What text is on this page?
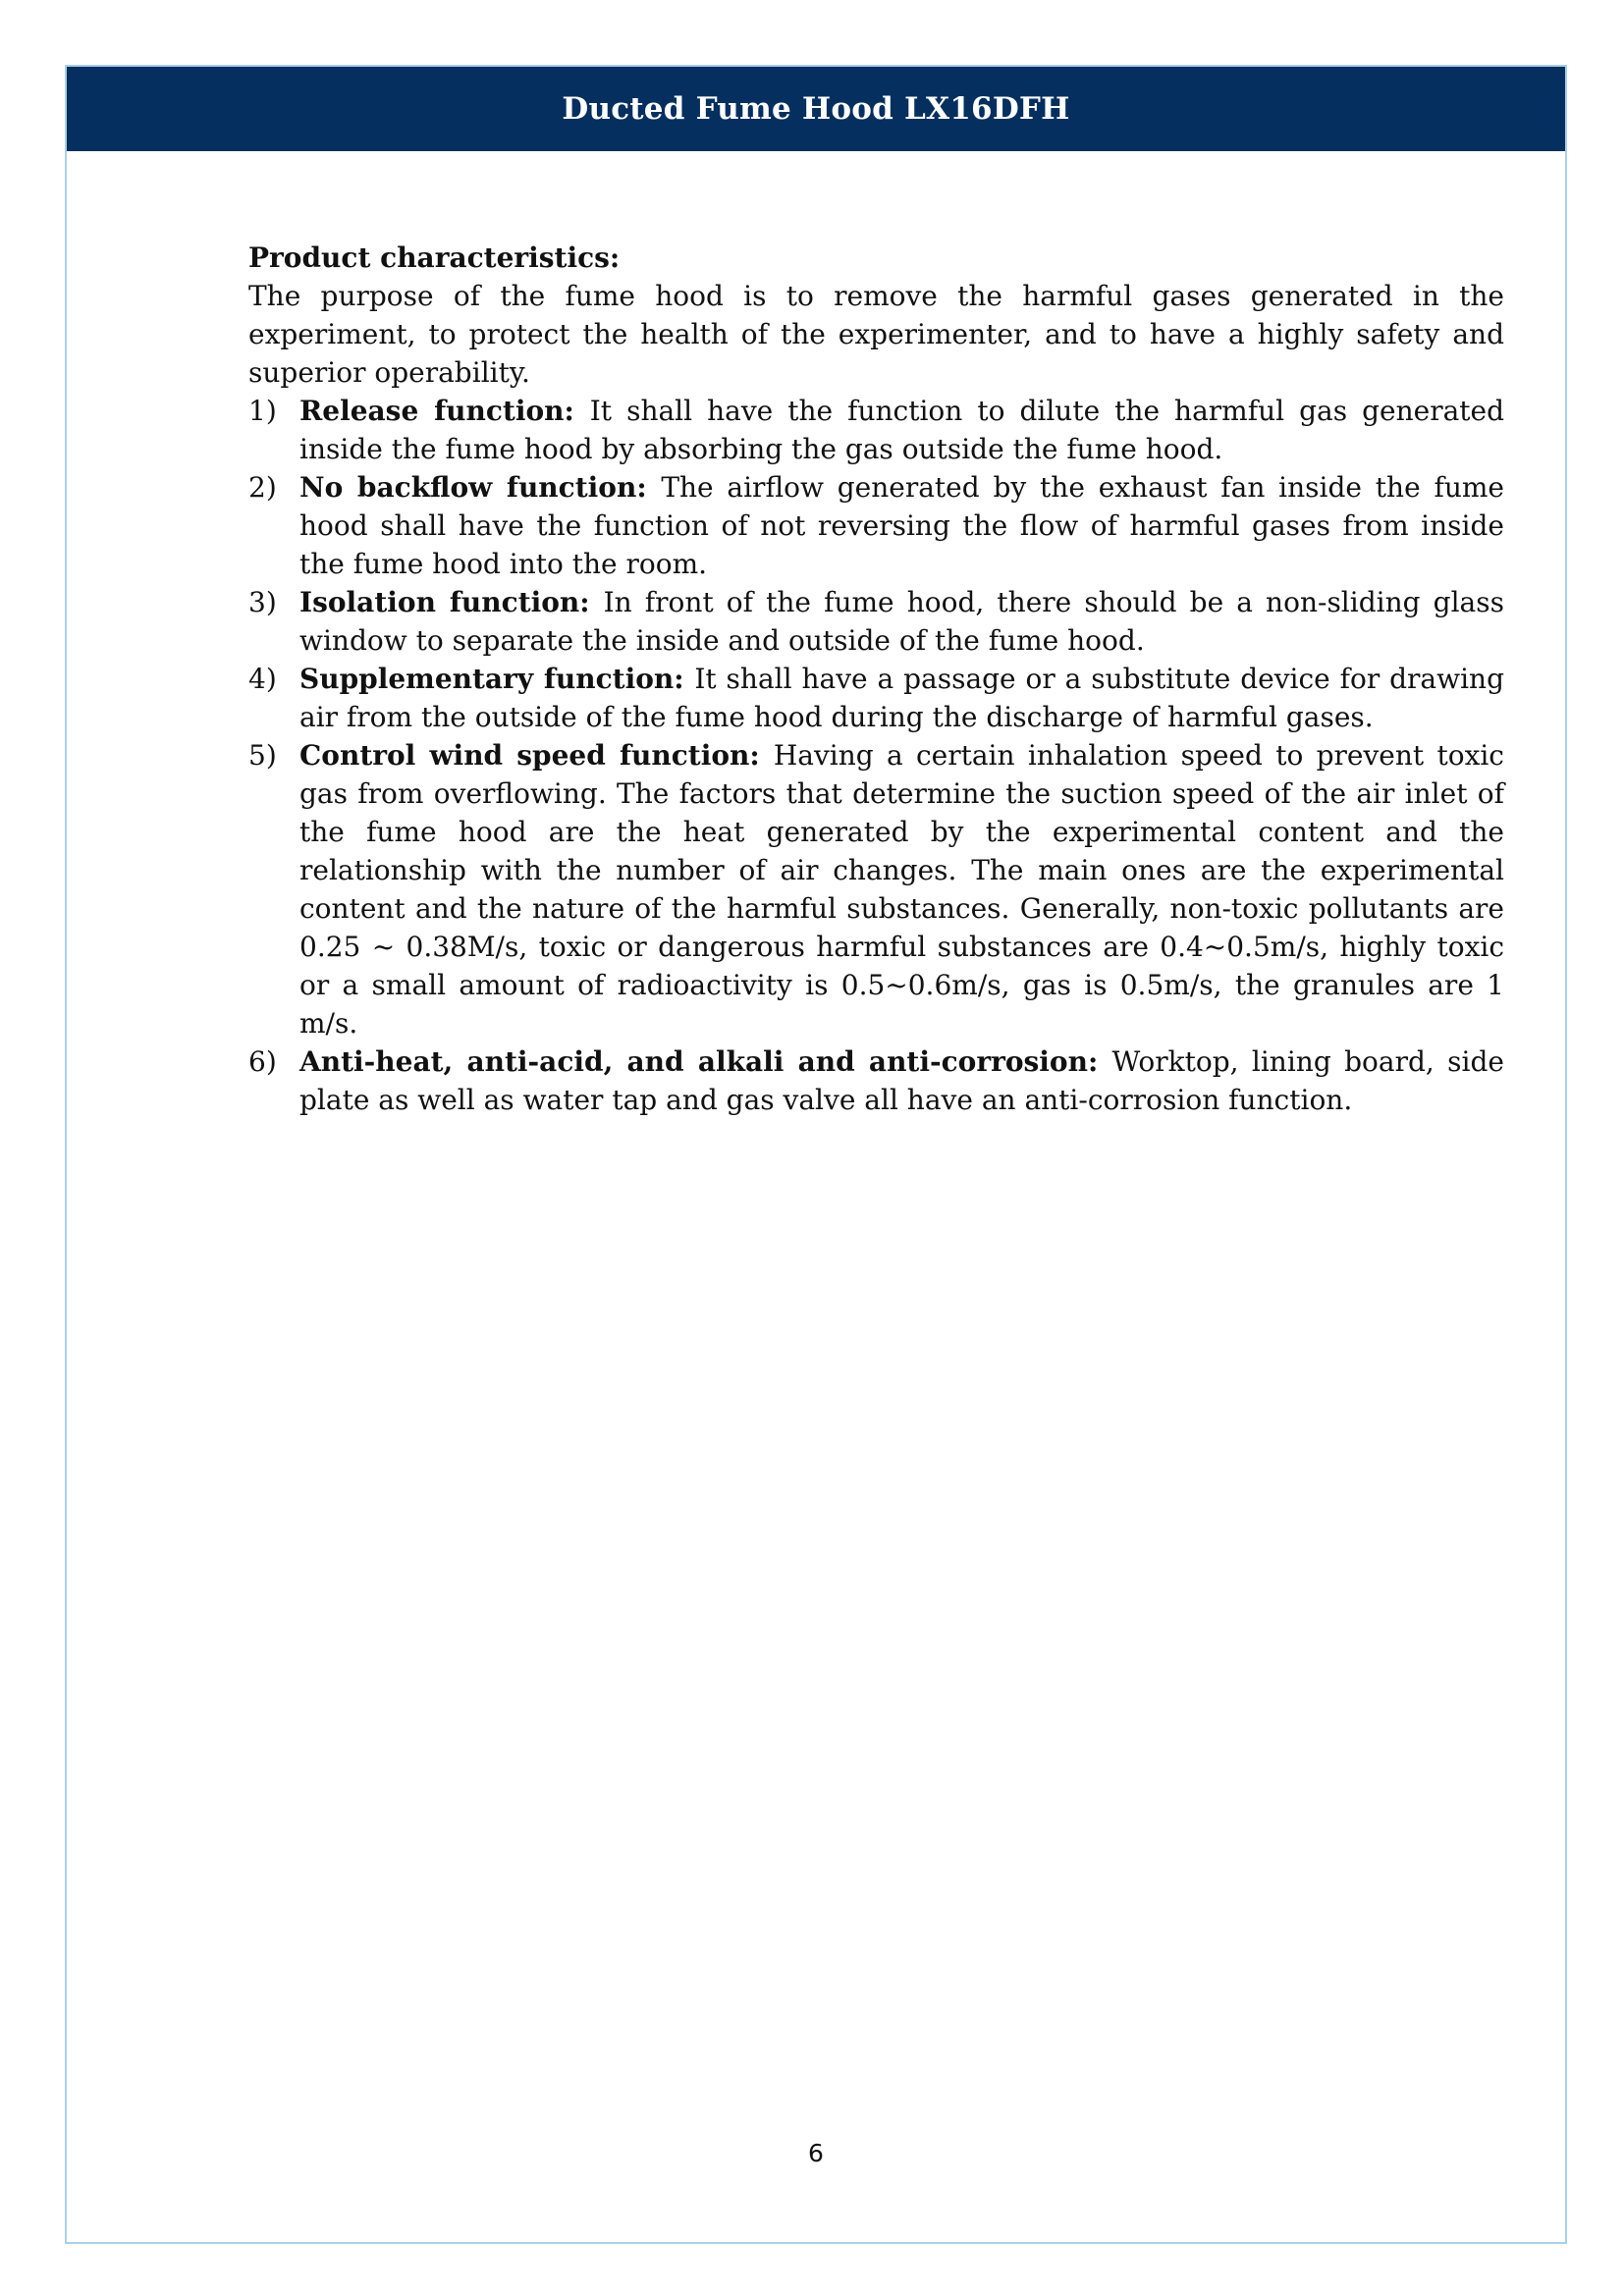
Ducted Fume Hood LX16DFH
Product characteristics:
The purpose of the fume hood is to remove the harmful gases generated in the experiment, to protect the health of the experimenter, and to have a highly safety and superior operability.
1) Release function: It shall have the function to dilute the harmful gas generated inside the fume hood by absorbing the gas outside the fume hood.
2) No backflow function: The airflow generated by the exhaust fan inside the fume hood shall have the function of not reversing the flow of harmful gases from inside the fume hood into the room.
3) Isolation function: In front of the fume hood, there should be a non-sliding glass window to separate the inside and outside of the fume hood.
4) Supplementary function: It shall have a passage or a substitute device for drawing air from the outside of the fume hood during the discharge of harmful gases.
5) Control wind speed function: Having a certain inhalation speed to prevent toxic gas from overflowing. The factors that determine the suction speed of the air inlet of the fume hood are the heat generated by the experimental content and the relationship with the number of air changes. The main ones are the experimental content and the nature of the harmful substances. Generally, non-toxic pollutants are 0.25 ~ 0.38M/s, toxic or dangerous harmful substances are 0.4~0.5m/s, highly toxic or a small amount of radioactivity is 0.5~0.6m/s, gas is 0.5m/s, the granules are 1 m/s.
6) Anti-heat, anti-acid, and alkali and anti-corrosion: Worktop, lining board, side plate as well as water tap and gas valve all have an anti-corrosion function.
6
